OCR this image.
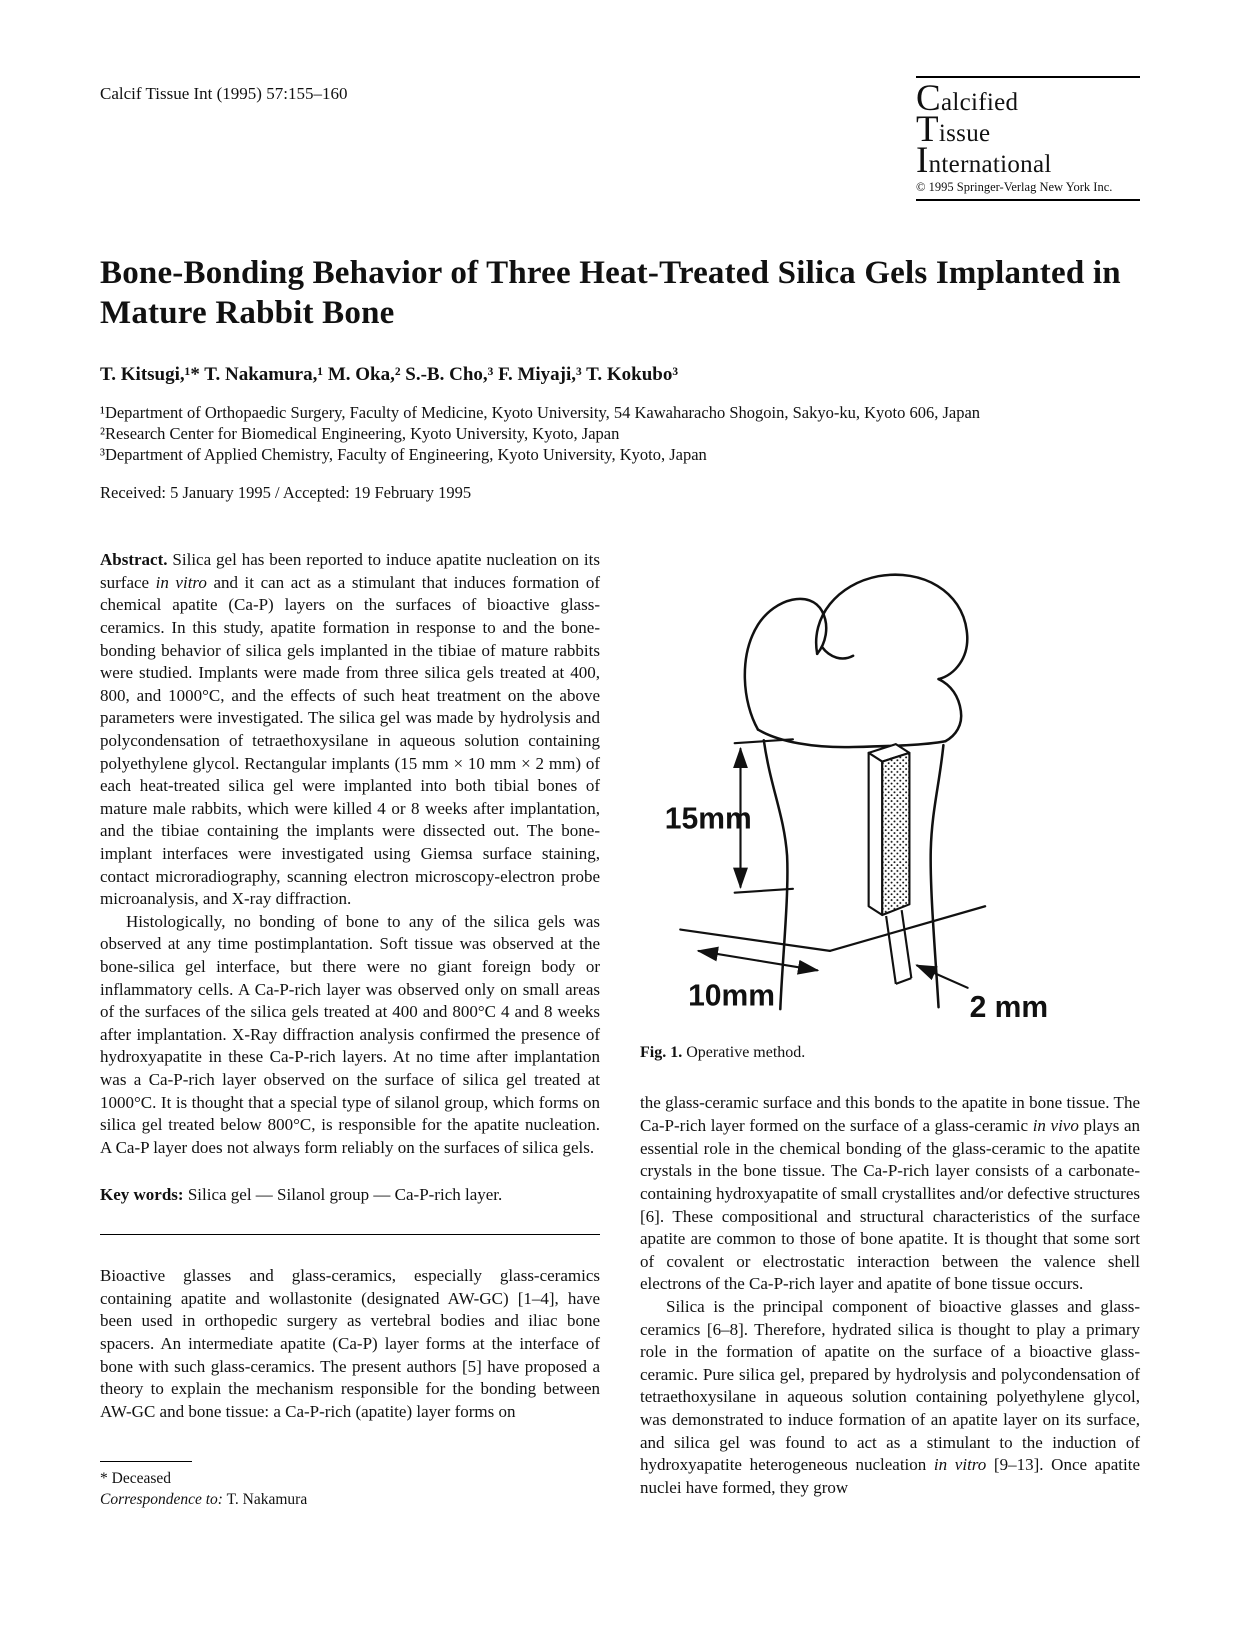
Calcif Tissue Int (1995) 57:155–160	Calcified
Tissue
International
© 1995 Springer-Verlag New York Inc.
Bone-Bonding Behavior of Three Heat-Treated Silica Gels Implanted in Mature Rabbit Bone
T. Kitsugi,¹* T. Nakamura,¹ M. Oka,² S.-B. Cho,³ F. Miyaji,³ T. Kokubo³
¹Department of Orthopaedic Surgery, Faculty of Medicine, Kyoto University, 54 Kawaharacho Shogoin, Sakyo-ku, Kyoto 606, Japan
²Research Center for Biomedical Engineering, Kyoto University, Kyoto, Japan
³Department of Applied Chemistry, Faculty of Engineering, Kyoto University, Kyoto, Japan
Received: 5 January 1995 / Accepted: 19 February 1995

Abstract. Silica gel has been reported to induce apatite nucleation on its surface in vitro and it can act as a stimulant that induces formation of chemical apatite (Ca-P) layers on the surfaces of bioactive glass-ceramics. In this study, apatite formation in response to and the bone-bonding behavior of silica gels implanted in the tibiae of mature rabbits were studied. Implants were made from three silica gels treated at 400, 800, and 1000°C, and the effects of such heat treatment on the above parameters were investigated. The silica gel was made by hydrolysis and polycondensation of tetraethoxysilane in aqueous solution containing polyethylene glycol. Rectangular implants (15 mm × 10 mm × 2 mm) of each heat-treated silica gel were implanted into both tibial bones of mature male rabbits, which were killed 4 or 8 weeks after implantation, and the tibiae containing the implants were dissected out. The bone-implant interfaces were investigated using Giemsa surface staining, contact microradiography, scanning electron microscopy-electron probe microanalysis, and X-ray diffraction.

Histologically, no bonding of bone to any of the silica gels was observed at any time postimplantation. Soft tissue was observed at the bone-silica gel interface, but there were no giant foreign body or inflammatory cells. A Ca-P-rich layer was observed only on small areas of the surfaces of the silica gels treated at 400 and 800°C 4 and 8 weeks after implantation. X-Ray diffraction analysis confirmed the presence of hydroxyapatite in these Ca-P-rich layers. At no time after implantation was a Ca-P-rich layer observed on the surface of silica gel treated at 1000°C. It is thought that a special type of silanol group, which forms on silica gel treated below 800°C, is responsible for the apatite nucleation. A Ca-P layer does not always form reliably on the surfaces of silica gels.

Key words: Silica gel — Silanol group — Ca-P-rich layer.

Bioactive glasses and glass-ceramics, especially glass-ceramics containing apatite and wollastonite (designated AW-GC) [1–4], have been used in orthopedic surgery as vertebral bodies and iliac bone spacers. An intermediate apatite (Ca-P) layer forms at the interface of bone with such glass-ceramics. The present authors [5] have proposed a theory to explain the mechanism responsible for the bonding between AW-GC and bone tissue: a Ca-P-rich (apatite) layer forms on

* Deceased
Correspondence to: T. Nakamura
15mm
10mm	2 mm
Fig. 1. Operative method.

the glass-ceramic surface and this bonds to the apatite in bone tissue. The Ca-P-rich layer formed on the surface of a glass-ceramic in vivo plays an essential role in the chemical bonding of the glass-ceramic to the apatite crystals in the bone tissue. The Ca-P-rich layer consists of a carbonate-containing hydroxyapatite of small crystallites and/or defective structures [6]. These compositional and structural characteristics of the surface apatite are common to those of bone apatite. It is thought that some sort of covalent or electrostatic interaction between the valence shell electrons of the Ca-P-rich layer and apatite of bone tissue occurs.

Silica is the principal component of bioactive glasses and glass-ceramics [6–8]. Therefore, hydrated silica is thought to play a primary role in the formation of apatite on the surface of a bioactive glass-ceramic. Pure silica gel, prepared by hydrolysis and polycondensation of tetraethoxysilane in aqueous solution containing polyethylene glycol, was demonstrated to induce formation of an apatite layer on its surface, and silica gel was found to act as a stimulant to the induction of hydroxyapatite heterogeneous nucleation in vitro [9–13]. Once apatite nuclei have formed, they grow
